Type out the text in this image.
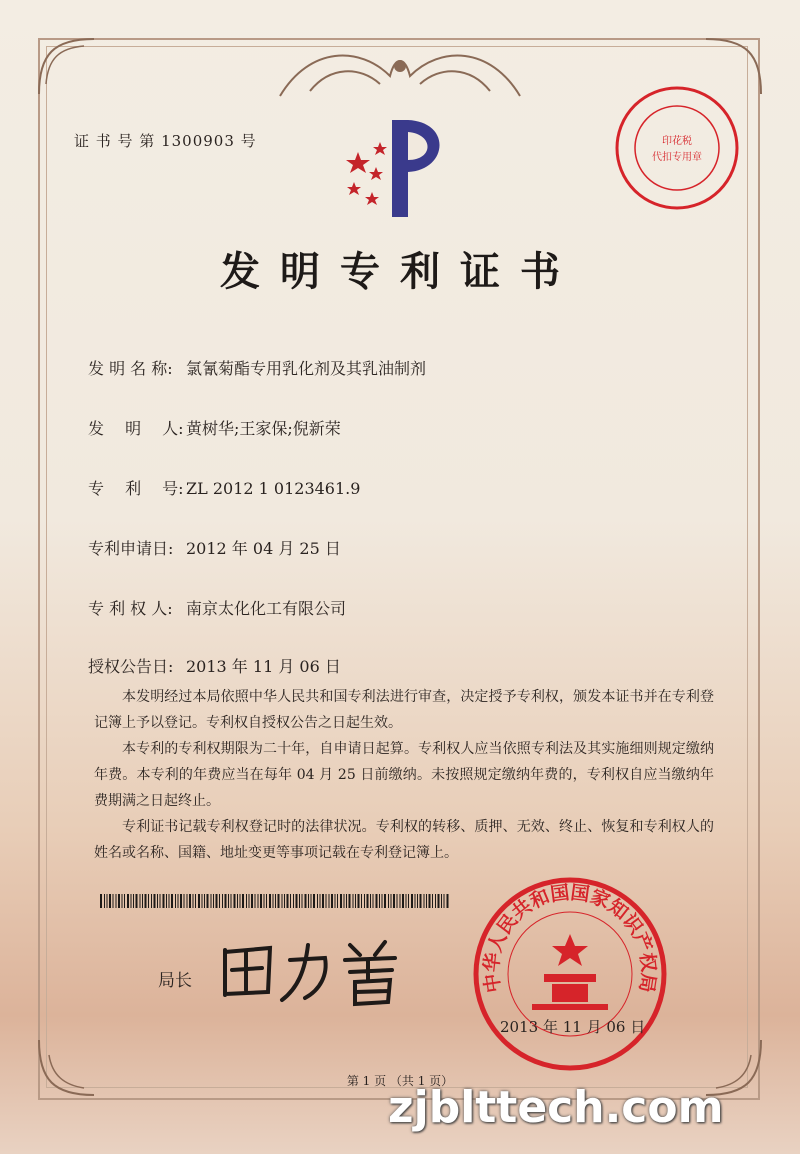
证 书 号 第 1300903 号
发明专利证书
发 明 名 称: 氯氰菊酯专用乳化剂及其乳油制剂
发　 明　 人: 黄树华;王家保;倪新荣
专　 利　 号: ZL 2012 1 0123461.9
专利申请日: 2012 年 04 月 25 日
专 利 权 人: 南京太化化工有限公司
授权公告日: 2013 年 11 月 06 日

本发明经过本局依照中华人民共和国专利法进行审查，决定授予专利权，颁发本证书并在专利登记簿上予以登记。专利权自授权公告之日起生效。

本专利的专利权期限为二十年，自申请日起算。专利权人应当依照专利法及其实施细则规定缴纳年费。本专利的年费应当在每年 04 月 25 日前缴纳。未按照规定缴纳年费的，专利权自应当缴纳年费期满之日起终止。

专利证书记载专利权登记时的法律状况。专利权的转移、质押、无效、终止、恢复和专利权人的姓名或名称、国籍、地址变更等事项记载在专利登记簿上。

局长
印花税
代扣专用章
中华人民共和国国家知识产权局
2013 年 11 月 06 日
第 1 页 （共 1 页）
zjblttech.com
